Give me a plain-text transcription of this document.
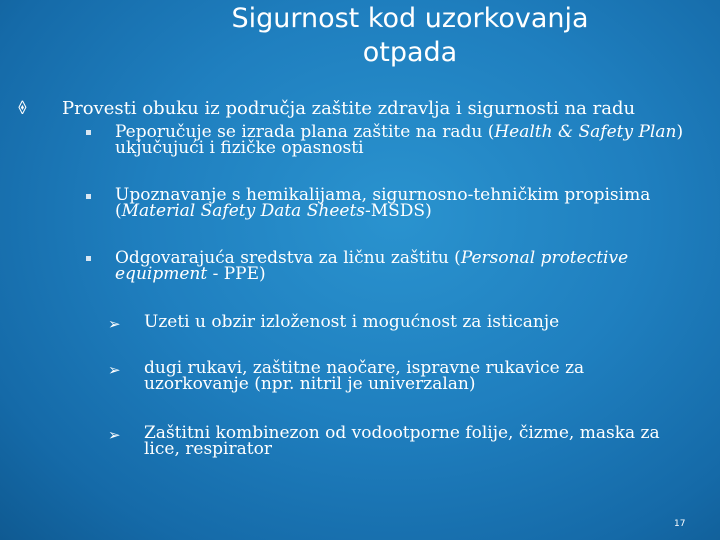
Sigurnost kod uzorkovanja
otpada
🞠 Provesti obuku iz područja zaštite zdravlja i sigurnosti na radu
Peporučuje se izrada plana zaštite na radu (Health & Safety Plan) ukjučujući i fizičke opasnosti
Upoznavanje s hemikalijama, sigurnosno-tehničkim propisima (Material Safety Data Sheets-MSDS)
Odgovarajuća sredstva za ličnu zaštitu (Personal protective equipment - PPE)
➢ Uzeti u obzir izloženost i mogućnost za isticanje
➢ dugi rukavi, zaštitne naočare, ispravne rukavice za uzorkovanje (npr. nitril je univerzalan)
➢ Zaštitni kombinezon od vodootporne folije, čizme, maska za lice, respirator
17
